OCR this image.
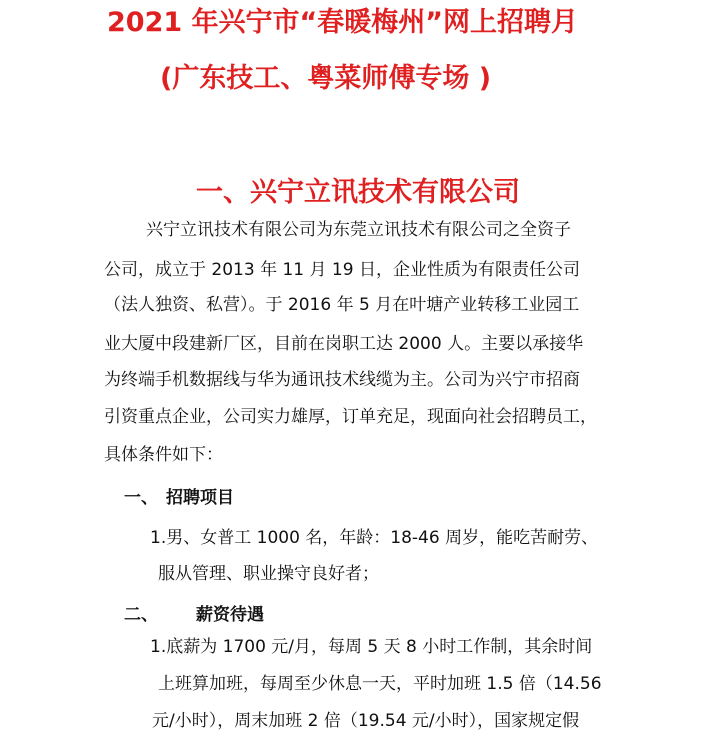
2021 年兴宁市“春暖梅州”网上招聘月
(广东技工、粤菜师傅专场 )
一、兴宁立讯技术有限公司
兴宁立讯技术有限公司为东莞立讯技术有限公司之全资子
公司，成立于 2013 年 11 月 19 日，企业性质为有限责任公司
（法人独资、私营）。于 2016 年 5 月在叶塘产业转移工业园工
业大厦中段建新厂区，目前在岗职工达 2000 人。主要以承接华
为终端手机数据线与华为通讯技术线缆为主。公司为兴宁市招商
引资重点企业，公司实力雄厚，订单充足，现面向社会招聘员工，
具体条件如下：
一、 招聘项目
1.男、女普工 1000 名，年龄：18-46 周岁，能吃苦耐劳、
服从管理、职业操守良好者；
二、 薪资待遇
1.底薪为 1700 元/月，每周 5 天 8 小时工作制，其余时间
上班算加班，每周至少休息一天，平时加班 1.5 倍（14.56
元/小时），周末加班 2 倍（19.54 元/小时），国家规定假
